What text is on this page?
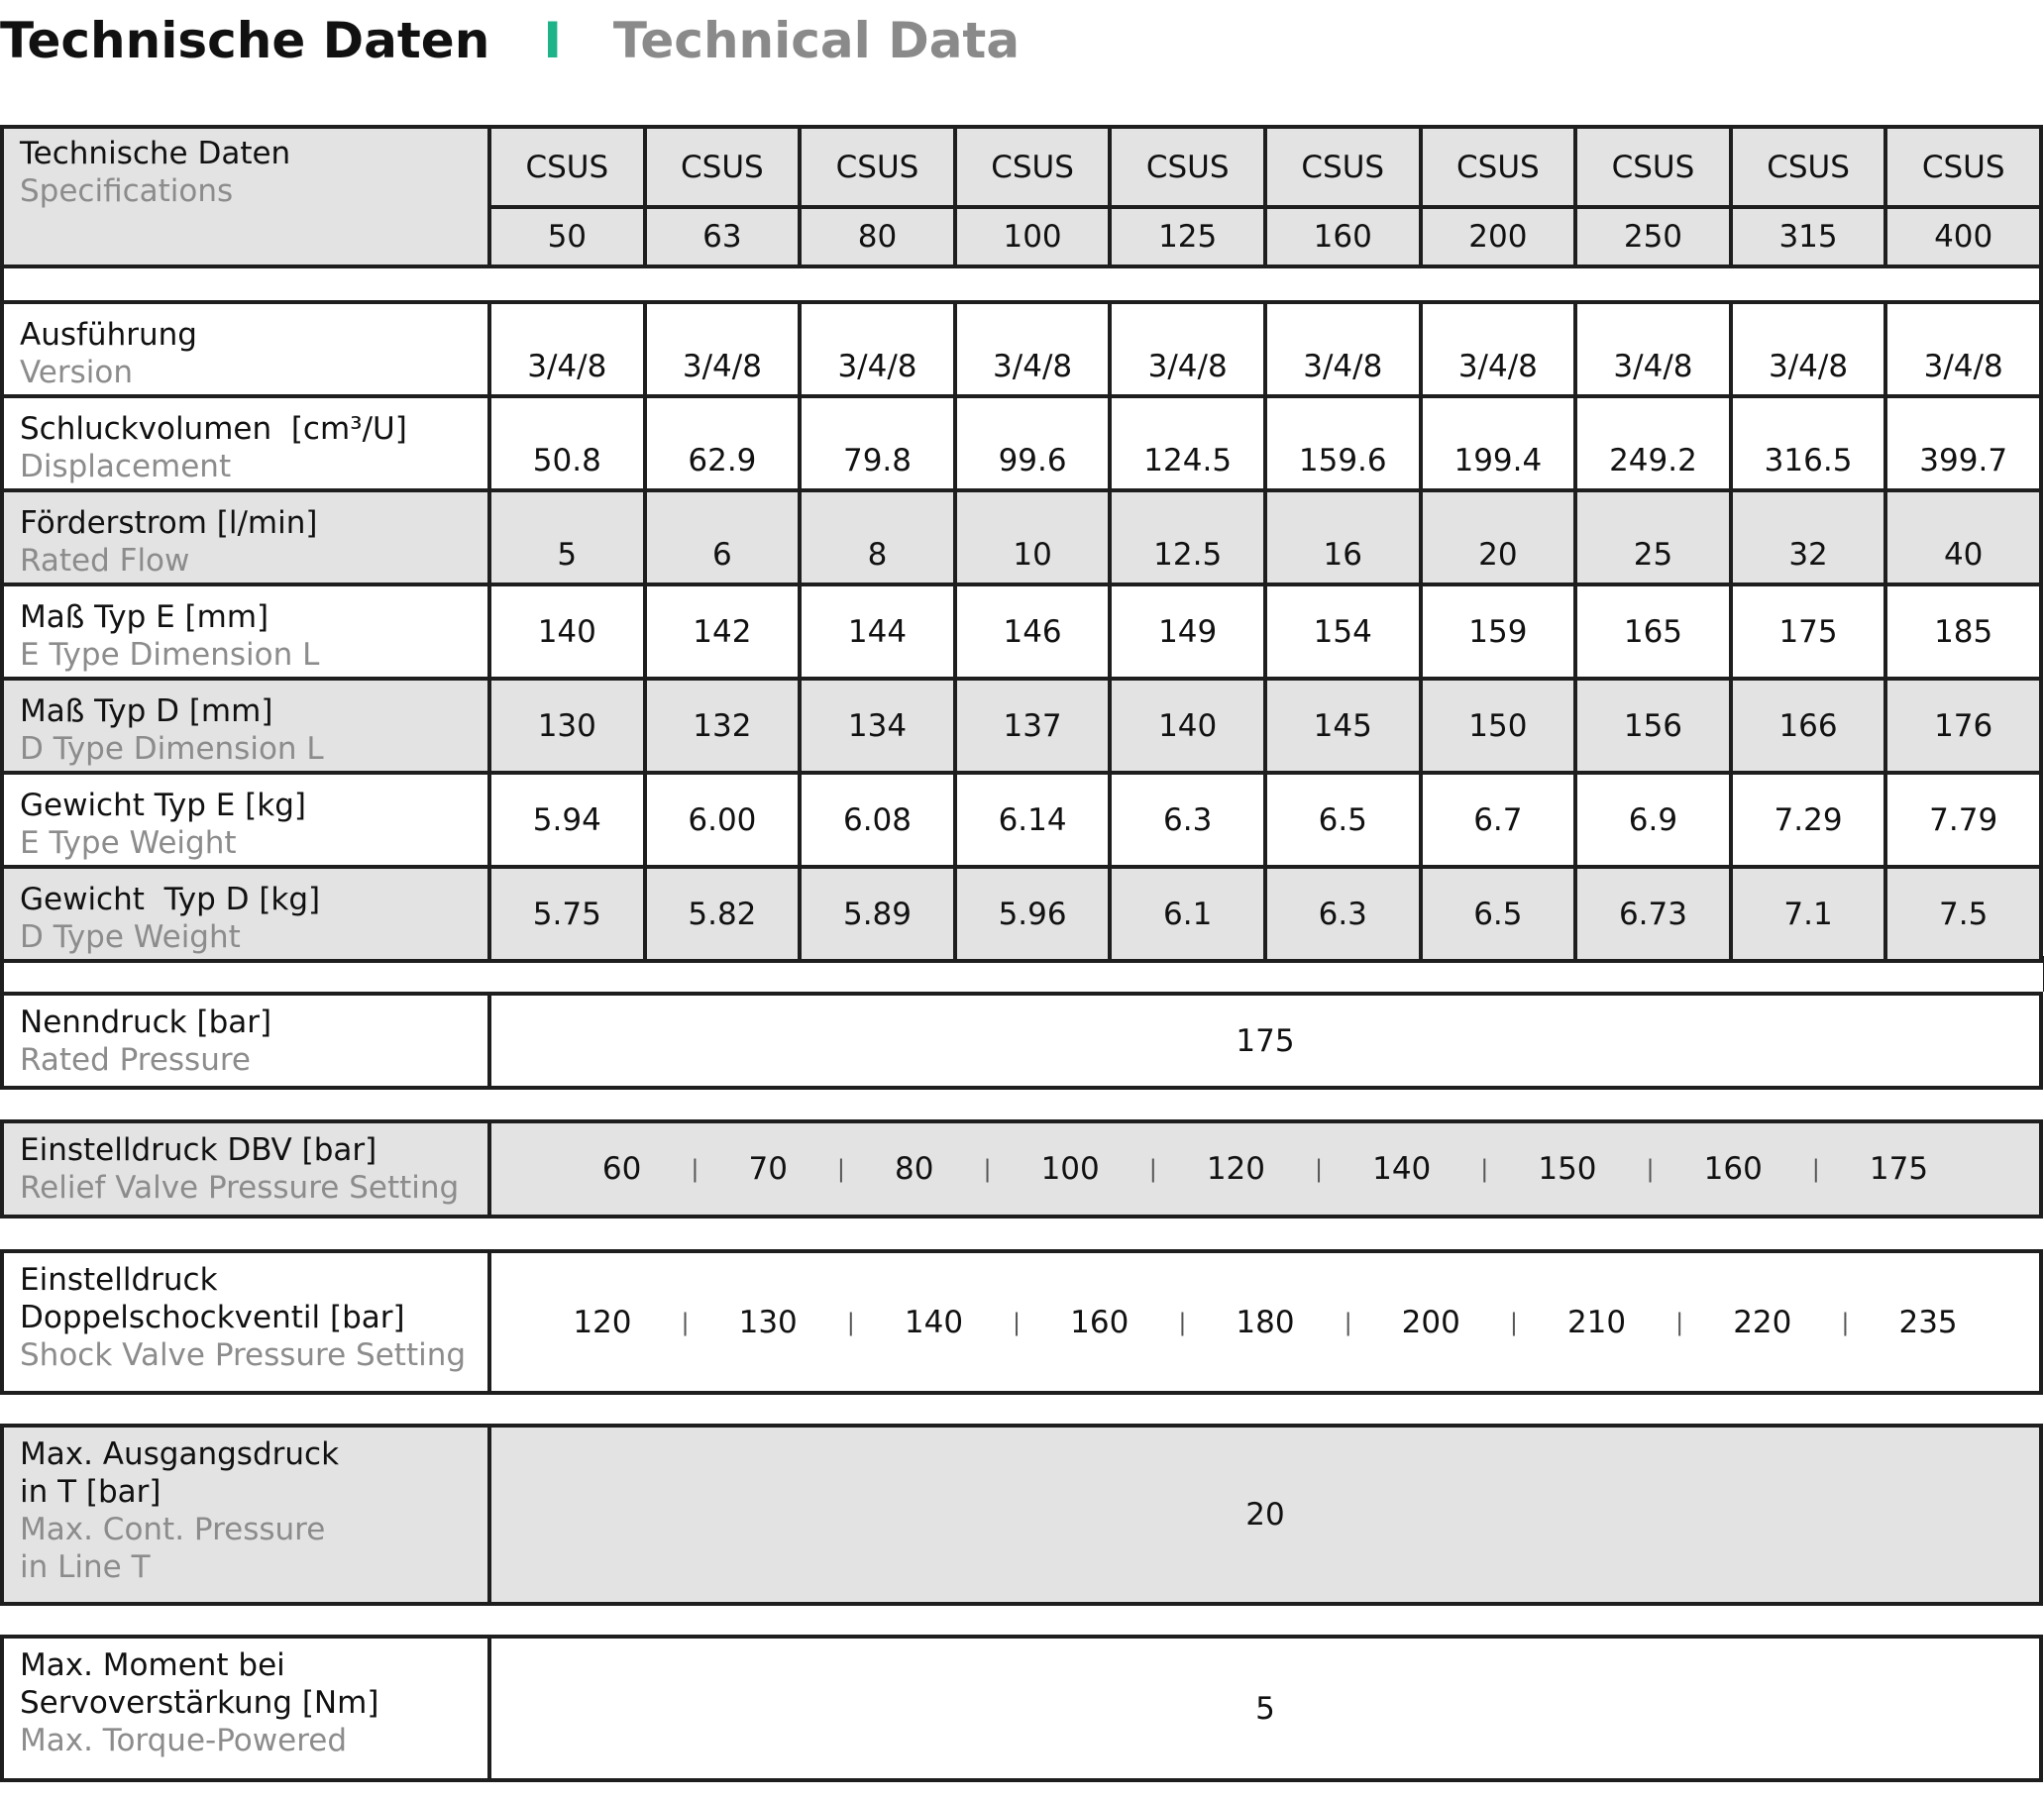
Technische Daten I Technical Data
Technische Daten
Specifications	CSUS	CSUS	CSUS	CSUS	CSUS	CSUS	CSUS	CSUS	CSUS	CSUS
	50	63	80	100	125	160	200	250	315	400

Ausführung
Version	3/4/8	3/4/8	3/4/8	3/4/8	3/4/8	3/4/8	3/4/8	3/4/8	3/4/8	3/4/8

Schluckvolumen  [cm³/U]
Displacement	50.8	62.9	79.8	99.6	124.5	159.6	199.4	249.2	316.5	399.7

Förderstrom [l/min]
Rated Flow	5	6	8	10	12.5	16	20	25	32	40

Maß Typ E [mm]
E Type Dimension L	140	142	144	146	149	154	159	165	175	185

Maß Typ D [mm]
D Type Dimension L	130	132	134	137	140	145	150	156	166	176

Gewicht Typ E [kg]
E Type Weight	5.94	6.00	6.08	6.14	6.3	6.5	6.7	6.9	7.29	7.79

Gewicht  Typ D [kg]
D Type Weight	5.75	5.82	5.89	5.96	6.1	6.3	6.5	6.73	7.1	7.5
Nenndruck [bar]
Rated Pressure
	175
Einstelldruck DBV [bar]
Relief Valve Pressure Setting

60 | 70 | 80 | 100 | 120 | 140 | 150 | 160 | 175
Einstelldruck
Doppelschockventil [bar]
Shock Valve Pressure Setting

120 | 130 | 140 | 160 | 180 | 200 | 210 | 220 | 235
Max. Ausgangsdruck
in T [bar]
Max. Cont. Pressure
in Line T
	20
Max. Moment bei
Servoverstärkung [Nm]
Max. Torque-Powered
	5
